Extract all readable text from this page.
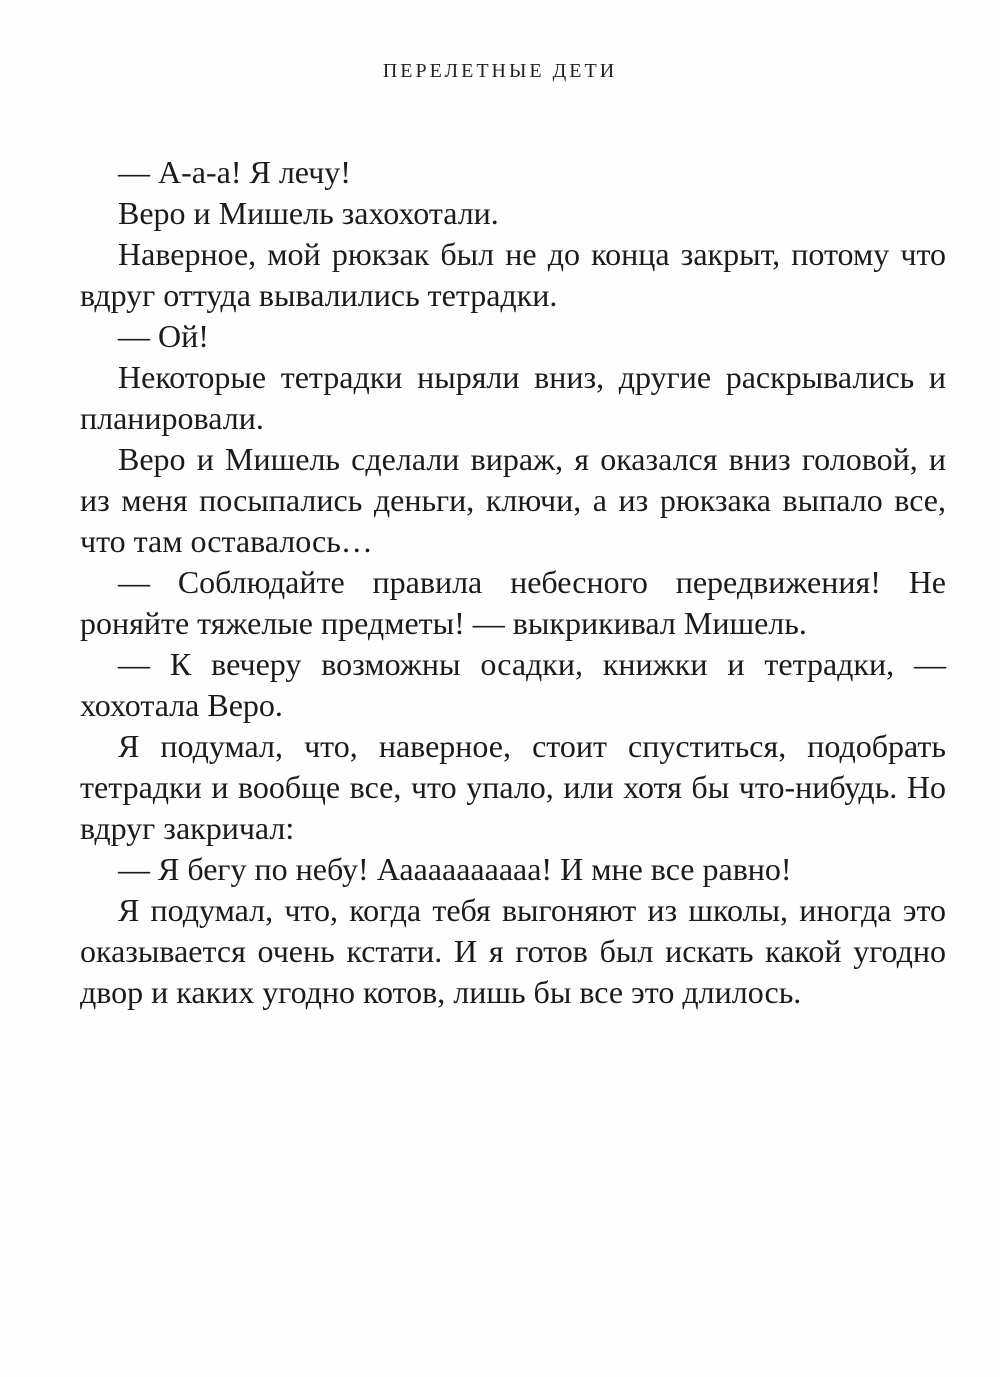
ПЕРЕЛЕТНЫЕ ДЕТИ

— А-а-а! Я лечу!

Веро и Мишель захохотали.

Наверное, мой рюкзак был не до конца закрыт, потому что вдруг оттуда вывалились тетрадки.

— Ой!

Некоторые тетрадки ныряли вниз, другие раскрывались и планировали.

Веро и Мишель сделали вираж, я оказался вниз головой, и из меня посыпались деньги, ключи, а из рюкзака выпало все, что там оставалось…

— Соблюдайте правила небесного передвижения! Не роняйте тяжелые предметы! — выкрикивал Мишель.

— К вечеру возможны осадки, книжки и тетрадки, — хохотала Веро.

Я подумал, что, наверное, стоит спуститься, подобрать тетрадки и вообще все, что упало, или хотя бы что-нибудь. Но вдруг закричал:

— Я бегу по небу! Ааааааааааа! И мне все равно!

Я подумал, что, когда тебя выгоняют из школы, иногда это оказывается очень кстати. И я готов был искать какой угодно двор и каких угодно котов, лишь бы все это длилось.
